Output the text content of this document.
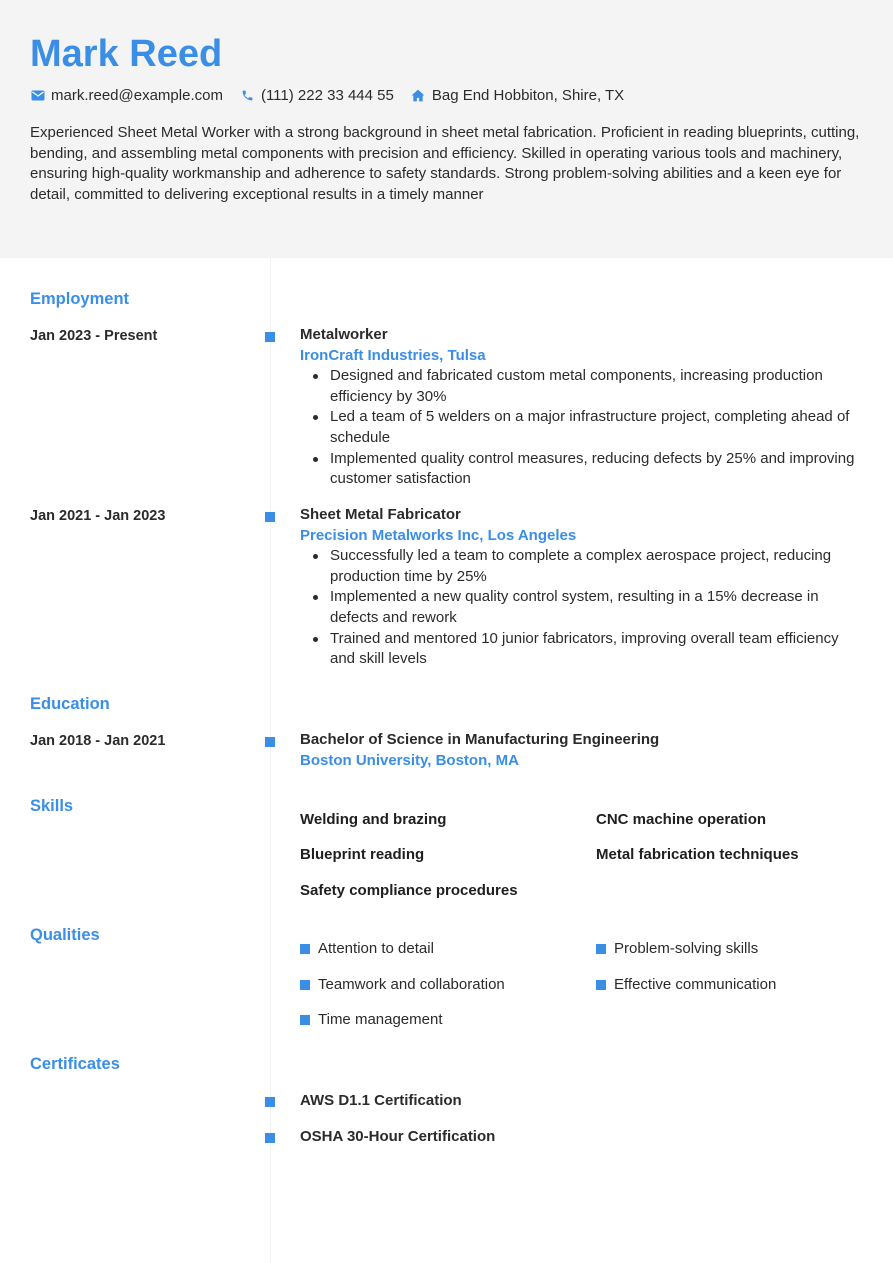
Mark Reed
mark.reed@example.com	(111) 222 33 444 55	Bag End Hobbiton, Shire, TX

Experienced Sheet Metal Worker with a strong background in sheet metal fabrication. Proficient in reading blueprints, cutting, bending, and assembling metal components with precision and efficiency. Skilled in operating various tools and machinery, ensuring high-quality workmanship and adherence to safety standards. Strong problem-solving abilities and a keen eye for detail, committed to delivering exceptional results in a timely manner

Employment
Jan 2023 - Present	Metalworker
IronCraft Industries, Tulsa
Designed and fabricated custom metal components, increasing production efficiency by 30%
Led a team of 5 welders on a major infrastructure project, completing ahead of schedule
Implemented quality control measures, reducing defects by 25% and improving customer satisfaction
Jan 2021 - Jan 2023	Sheet Metal Fabricator
Precision Metalworks Inc, Los Angeles
Successfully led a team to complete a complex aerospace project, reducing production time by 25%
Implemented a new quality control system, resulting in a 15% decrease in defects and rework
Trained and mentored 10 junior fabricators, improving overall team efficiency and skill levels
Education
Jan 2018 - Jan 2021	Bachelor of Science in Manufacturing Engineering
Boston University, Boston, MA
Skills
Welding and brazing	CNC machine operation
Blueprint reading	Metal fabrication techniques
Safety compliance procedures
Qualities
Attention to detail	Problem-solving skills
Teamwork and collaboration	Effective communication
Time management
Certificates
AWS D1.1 Certification
OSHA 30-Hour Certification
